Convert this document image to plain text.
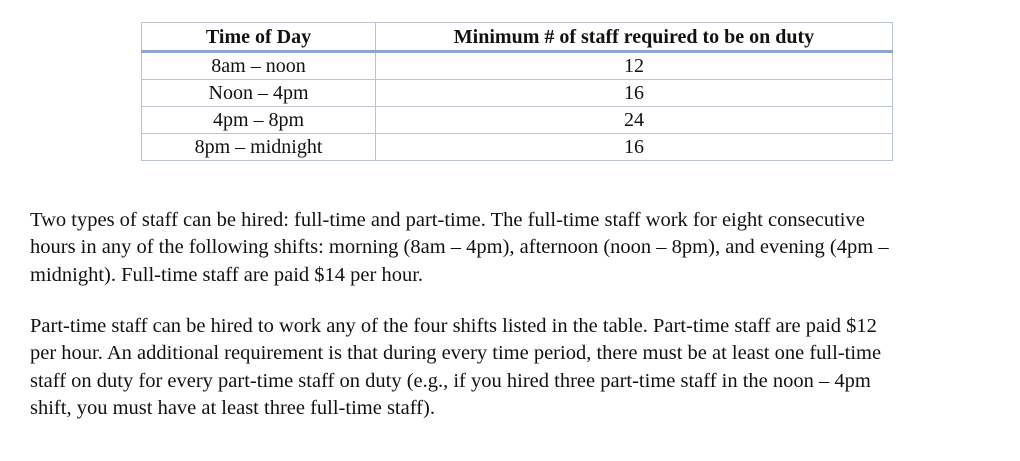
Time of Day	Minimum # of staff required to be on duty
8am – noon	12
Noon – 4pm	16
4pm – 8pm	24
8pm – midnight	16

Two types of staff can be hired: full-time and part-time. The full-time staff work for eight consecutive
hours in any of the following shifts: morning (8am – 4pm), afternoon (noon – 8pm), and evening (4pm –
midnight). Full-time staff are paid $14 per hour.

Part-time staff can be hired to work any of the four shifts listed in the table. Part-time staff are paid $12
per hour. An additional requirement is that during every time period, there must be at least one full-time
staff on duty for every part-time staff on duty (e.g., if you hired three part-time staff in the noon – 4pm
shift, you must have at least three full-time staff).
